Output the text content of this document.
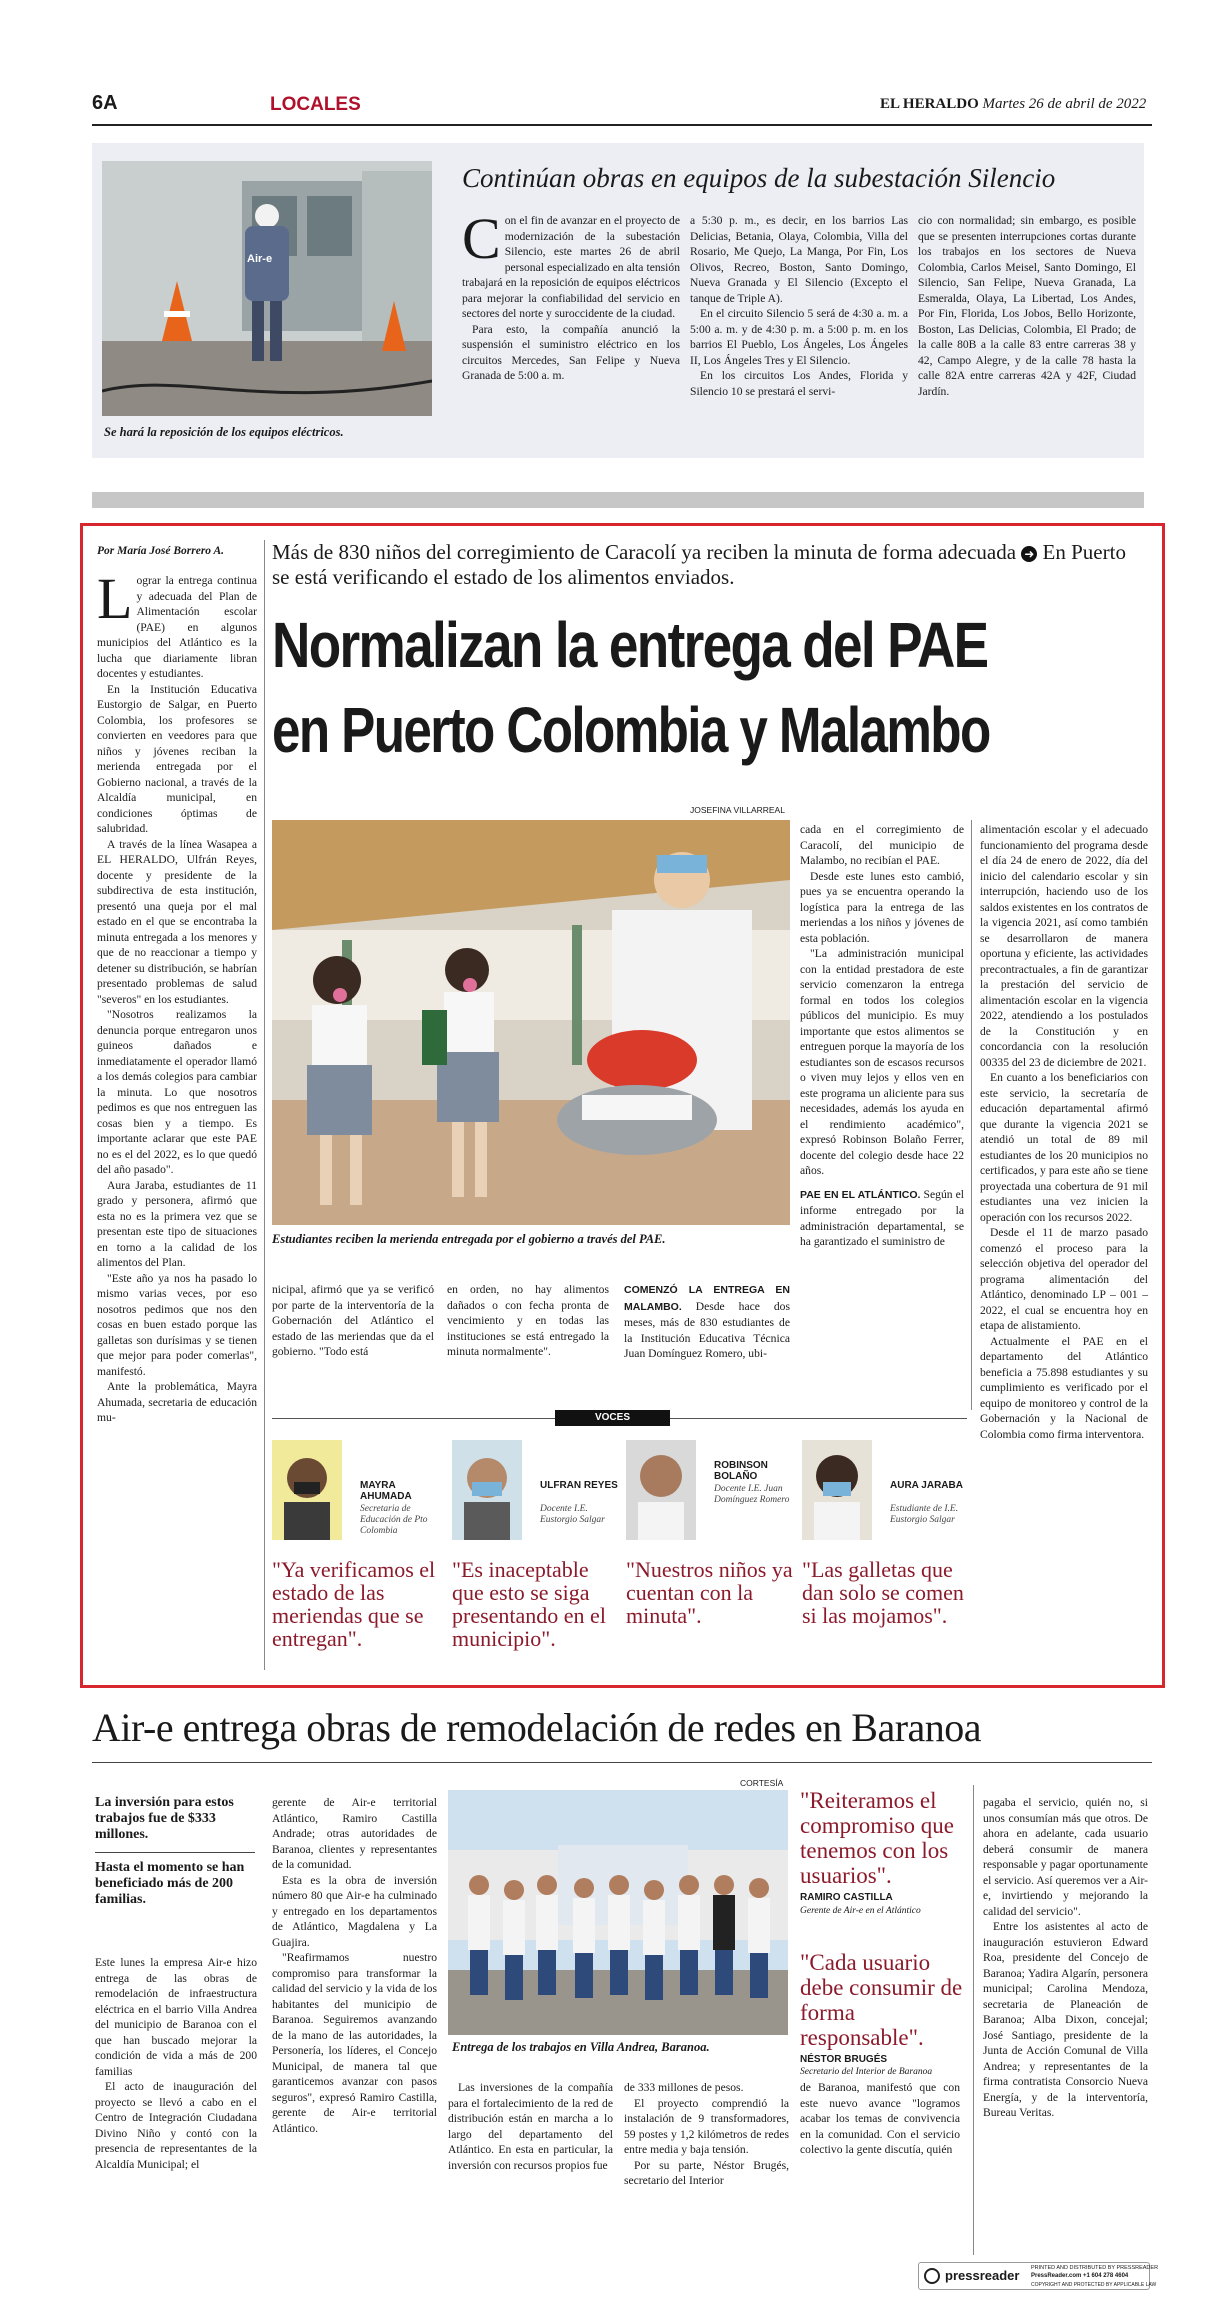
6A	LOCALES	EL HERALDO Martes 26 de abril de 2022
Air-e
Se hará la reposición de los equipos eléctricos.
Continúan obras en equipos de la subestación Silencio

Con el fin de avanzar en el proyecto de modernización de la subestación Silencio, este martes 26 de abril personal especializado en alta tensión trabajará en la reposición de equipos eléctricos para mejorar la confiabilidad del servicio en sectores del norte y suroccidente de la ciudad.

Para esto, la compañía anunció la suspensión el suministro eléctrico en los circuitos Mercedes, San Felipe y Nueva Granada de 5:00 a. m.

a 5:30 p. m., es decir, en los barrios Las Delicias, Betania, Olaya, Colombia, Villa del Rosario, Me Quejo, La Manga, Por Fin, Los Olivos, Recreo, Boston, Santo Domingo, Nueva Granada y El Silencio (Excepto el tanque de Triple A).

En el circuito Silencio 5 será de 4:30 a. m. a 5:00 a. m. y de 4:30 p. m. a 5:00 p. m. en los barrios El Pueblo, Los Ángeles, Los Ángeles II, Los Ángeles Tres y El Silencio.

En los circuitos Los Andes, Florida y Silencio 10 se prestará el servi-

cio con normalidad; sin embargo, es posible que se presenten interrupciones cortas durante los trabajos en los sectores de Nueva Colombia, Carlos Meisel, Santo Domingo, El Silencio, San Felipe, Nueva Granada, La Esmeralda, Olaya, La Libertad, Los Andes, Por Fin, Florida, Los Jobos, Bello Horizonte, Boston, Las Delicias, Colombia, El Prado; de la calle 80B a la calle 83 entre carreras 38 y 42, Campo Alegre, y de la calle 78 hasta la calle 82A entre carreras 42A y 42F, Ciudad Jardín.

Por María José Borrero A.

Lograr la entrega continua y adecuada del Plan de Alimentación escolar (PAE) en algunos municipios del Atlántico es la lucha que diariamente libran docentes y estudiantes.

En la Institución Educativa Eustorgio de Salgar, en Puerto Colombia, los profesores se convierten en veedores para que niños y jóvenes reciban la merienda entregada por el Gobierno nacional, a través de la Alcaldía municipal, en condiciones óptimas de salubridad.

A través de la línea Wasapea a EL HERALDO, Ulfrán Reyes, docente y presidente de la subdirectiva de esta institución, presentó una queja por el mal estado en el que se encontraba la minuta entregada a los menores y que de no reaccionar a tiempo y detener su distribución, se habrían presentado problemas de salud "severos" en los estudiantes.

"Nosotros realizamos la denuncia porque entregaron unos guineos dañados e inmediatamente el operador llamó a los demás colegios para cambiar la minuta. Lo que nosotros pedimos es que nos entreguen las cosas bien y a tiempo. Es importante aclarar que este PAE no es el del 2022, es lo que quedó del año pasado".

Aura Jaraba, estudiantes de 11 grado y personera, afirmó que esta no es la primera vez que se presentan este tipo de situaciones en torno a la calidad de los alimentos del Plan.

"Este año ya nos ha pasado lo mismo varias veces, por eso nosotros pedimos que nos den cosas en buen estado porque las galletas son durísimas y se tienen que mejor para poder comerlas", manifestó.

Ante la problemática, Mayra Ahumada, secretaria de educación mu-

Más de 830 niños del corregimiento de Caracolí ya reciben la minuta de forma adecuada ➜ En Puerto se está verificando el estado de los alimentos enviados.
Normalizan la entrega del PAE
en Puerto Colombia y Malambo
JOSEFINA VILLARREAL
Estudiantes reciben la merienda entregada por el gobierno a través del PAE.

nicipal, afirmó que ya se verificó por parte de la interventoría de la Gobernación del Atlántico el estado de las meriendas que da el gobierno. "Todo está

en orden, no hay alimentos dañados o con fecha pronta de vencimiento y en todas las instituciones se está entregado la minuta normalmente".

COMENZÓ LA ENTREGA EN MALAMBO. Desde hace dos meses, más de 830 estudiantes de la Institución Educativa Técnica Juan Domínguez Romero, ubi-

cada en el corregimiento de Caracolí, del municipio de Malambo, no recibían el PAE.

Desde este lunes esto cambió, pues ya se encuentra operando la logística para la entrega de las meriendas a los niños y jóvenes de esta población.

"La administración municipal con la entidad prestadora de este servicio comenzaron la entrega formal en todos los colegios públicos del municipio. Es muy importante que estos alimentos se entreguen porque la mayoría de los estudiantes son de escasos recursos o viven muy lejos y ellos ven en este programa un aliciente para sus necesidades, además los ayuda en el rendimiento académico", expresó Robinson Bolaño Ferrer, docente del colegio desde hace 22 años.

PAE EN EL ATLÁNTICO. Según el informe entregado por la administración departamental, se ha garantizado el suministro de

alimentación escolar y el adecuado funcionamiento del programa desde el día 24 de enero de 2022, día del inicio del calendario escolar y sin interrupción, haciendo uso de los saldos existentes en los contratos de la vigencia 2021, así como también se desarrollaron de manera oportuna y eficiente, las actividades precontractuales, a fin de garantizar la prestación del servicio de alimentación escolar en la vigencia 2022, atendiendo a los postulados de la Constitución y en concordancia con la resolución 00335 del 23 de diciembre de 2021.

En cuanto a los beneficiarios con este servicio, la secretaría de educación departamental afirmó que durante la vigencia 2021 se atendió un total de 89 mil estudiantes de los 20 municipios no certificados, y para este año se tiene proyectada una cobertura de 91 mil estudiantes una vez inicien la operación con los recursos 2022.

Desde el 11 de marzo pasado comenzó el proceso para la selección objetiva del operador del programa alimentación del Atlántico, denominado LP – 001 – 2022, el cual se encuentra hoy en etapa de alistamiento.

Actualmente el PAE en el departamento del Atlántico beneficia a 75.898 estudiantes y su cumplimiento es verificado por el equipo de monitoreo y control de la Gobernación y la Nacional de Colombia como firma interventora.

VOCES
MAYRA AHUMADA
Secretaria de Educación de Pto Colombia
"Ya verificamos el estado de las meriendas que se entregan".
ULFRAN REYES
Docente I.E. Eustorgio Salgar
"Es inaceptable que esto se siga presentando en el municipio".
ROBINSON BOLAÑO
Docente I.E. Juan Domínguez Romero
"Nuestros niños ya cuentan con la minuta".
AURA JARABA
Estudiante de I.E. Eustorgio Salgar
"Las galletas que dan solo se comen si las mojamos".
Air-e entrega obras de remodelación de redes en Baranoa
La inversión para estos trabajos fue de $333 millones.
Hasta el momento se han beneficiado más de 200 familias.

Este lunes la empresa Air-e hizo entrega de las obras de remodelación de infraestructura eléctrica en el barrio Villa Andrea del municipio de Baranoa con el que han buscado mejorar la condición de vida a más de 200 familias

El acto de inauguración del proyecto se llevó a cabo en el Centro de Integración Ciudadana Divino Niño y contó con la presencia de representantes de la Alcaldía Municipal; el

gerente de Air-e territorial Atlántico, Ramiro Castilla Andrade; otras autoridades de Baranoa, clientes y representantes de la comunidad.

Esta es la obra de inversión número 80 que Air-e ha culminado y entregado en los departamentos de Atlántico, Magdalena y La Guajira.

"Reafirmamos nuestro compromiso para transformar la calidad del servicio y la vida de los habitantes del municipio de Baranoa. Seguiremos avanzando de la mano de las autoridades, la Personería, los líderes, el Concejo Municipal, de manera tal que garanticemos avanzar con pasos seguros", expresó Ramiro Castilla, gerente de Air-e territorial Atlántico.

CORTESÍA
Entrega de los trabajos en Villa Andrea, Baranoa.

Las inversiones de la compañía para el fortalecimiento de la red de distribución están en marcha a lo largo del departamento del Atlántico. En esta en particular, la inversión con recursos propios fue

de 333 millones de pesos.

El proyecto comprendió la instalación de 9 transformadores, 59 postes y 1,2 kilómetros de redes entre media y baja tensión.

Por su parte, Néstor Brugés, secretario del Interior

de Baranoa, manifestó que con este nuevo avance "logramos acabar los temas de convivencia en la comunidad. Con el servicio colectivo la gente discutía, quién

"Reiteramos el compromiso que tenemos con los usuarios".
RAMIRO CASTILLA
Gerente de Air-e en el Atlántico
"Cada usuario debe consumir de forma responsable".
NÉSTOR BRUGÉS
Secretario del Interior de Baranoa

pagaba el servicio, quién no, si unos consumían más que otros. De ahora en adelante, cada usuario deberá consumir de manera responsable y pagar oportunamente el servicio. Así queremos ver a Air-e, invirtiendo y mejorando la calidad del servicio".

Entre los asistentes al acto de inauguración estuvieron Edward Roa, presidente del Concejo de Baranoa; Yadira Algarín, personera municipal; Carolina Mendoza, secretaria de Planeación de Baranoa; Alba Dixon, concejal; José Santiago, presidente de la Junta de Acción Comunal de Villa Andrea; y representantes de la firma contratista Consorcio Nueva Energía, y de la interventoría, Bureau Veritas.

pressreader PRINTED AND DISTRIBUTED BY PRESSREADER
PressReader.com +1 604 278 4604
COPYRIGHT AND PROTECTED BY APPLICABLE LAW
